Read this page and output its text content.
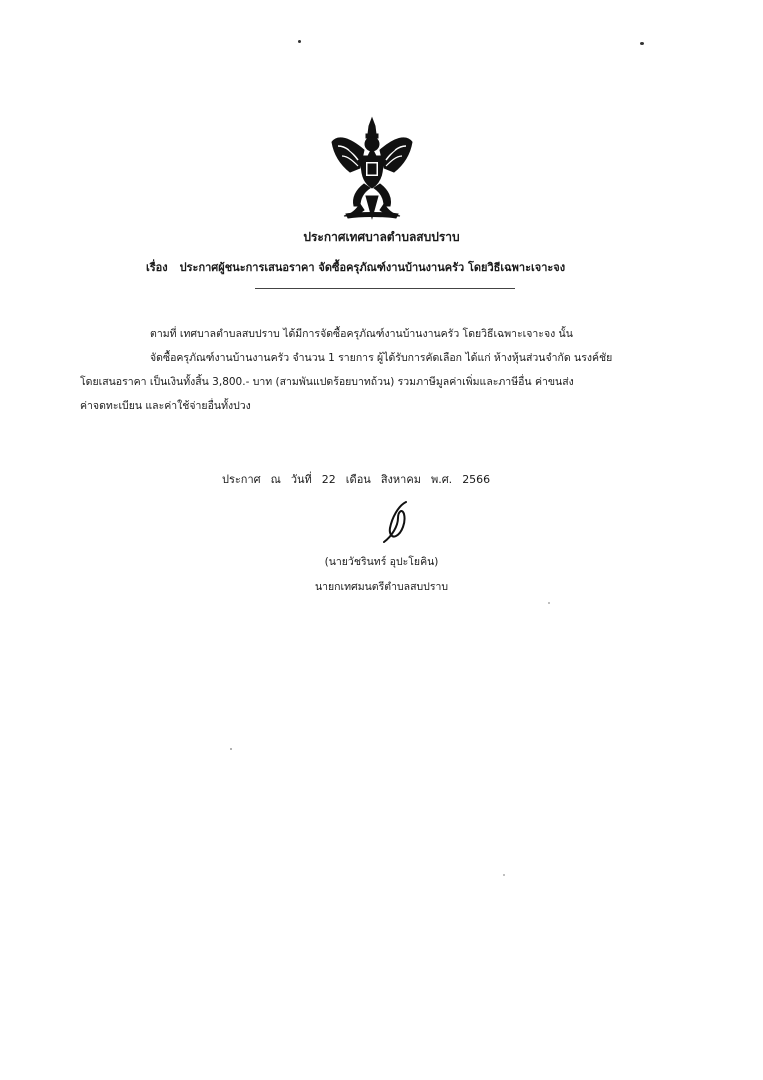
ประกาศเทศบาลตำบลสบปราบ
เรื่อง ประกาศผู้ชนะการเสนอราคา จัดซื้อครุภัณฑ์งานบ้านงานครัว โดยวิธีเฉพาะเจาะจง
ตามที่ เทศบาลตำบลสบปราบ ได้มีการจัดซื้อครุภัณฑ์งานบ้านงานครัว โดยวิธีเฉพาะเจาะจง นั้น
จัดซื้อครุภัณฑ์งานบ้านงานครัว จำนวน 1 รายการ ผู้ได้รับการคัดเลือก ได้แก่ ห้างหุ้นส่วนจำกัด นรงค์ชัย
โดยเสนอราคา เป็นเงินทั้งสิ้น 3,800.- บาท (สามพันแปดร้อยบาทถ้วน) รวมภาษีมูลค่าเพิ่มและภาษีอื่น ค่าขนส่ง
ค่าจดทะเบียน และค่าใช้จ่ายอื่นทั้งปวง
ประกาศ ณ วันที่ 22 เดือน สิงหาคม พ.ศ. 2566
(นายวัชรินทร์ อุปะโยคิน)
นายกเทศมนตรีตำบลสบปราบ
